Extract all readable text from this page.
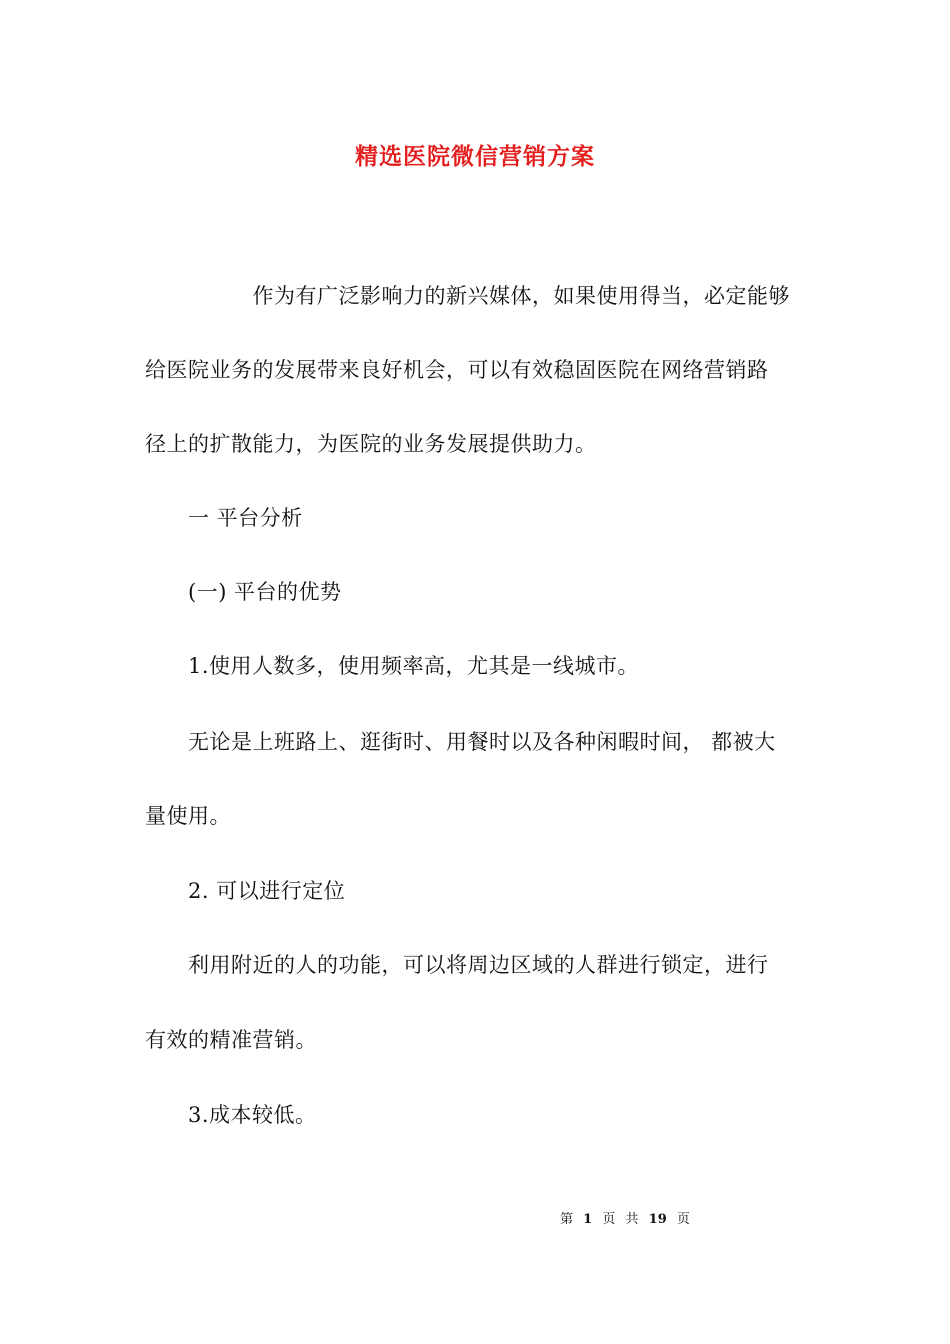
精选医院微信营销方案
　　　　　作为有广泛影响力的新兴媒体，如果使用得当，必定能够
给医院业务的发展带来良好机会，可以有效稳固医院在网络营销路
径上的扩散能力，为医院的业务发展提供助力。
　　一 平台分析
　　(一) 平台的优势
　　1.使用人数多，使用频率高，尤其是一线城市。
　　无论是上班路上、逛街时、用餐时以及各种闲暇时间， 都被大
量使用。
　　2. 可以进行定位
　　利用附近的人的功能，可以将周边区域的人群进行锁定，进行
有效的精准营销。
　　3.成本较低。
第 1 页 共 19 页
